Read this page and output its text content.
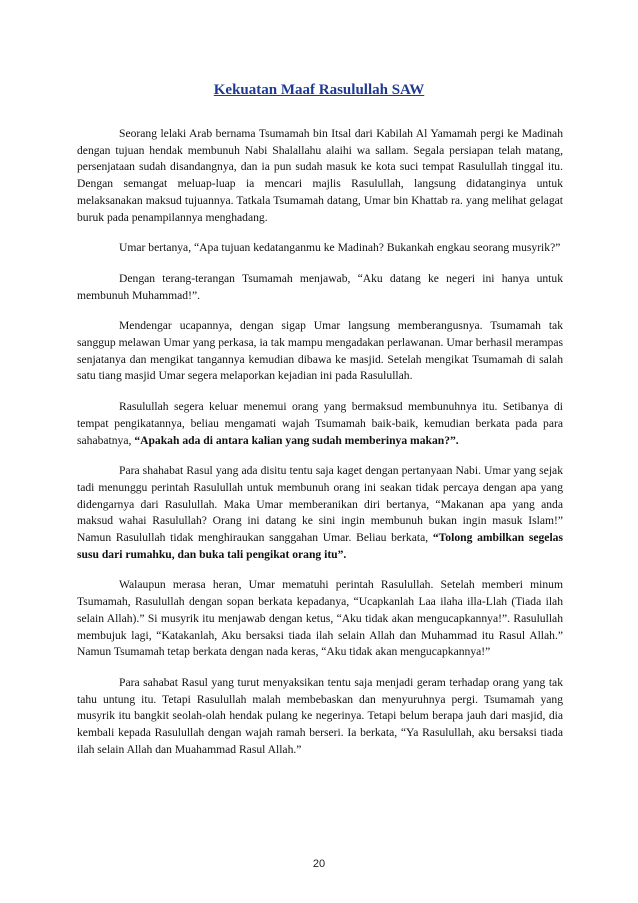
Kekuatan Maaf Rasulullah SAW

Seorang lelaki Arab bernama Tsumamah bin Itsal dari Kabilah Al Yamamah pergi ke Madinah dengan tujuan hendak membunuh Nabi Shalallahu alaihi wa sallam. Segala persiapan telah matang, persenjataan sudah disandangnya, dan ia pun sudah masuk ke kota suci tempat Rasulullah tinggal itu. Dengan semangat meluap-luap ia mencari majlis Rasulullah, langsung didatanginya untuk melaksanakan maksud tujuannya. Tatkala Tsumamah datang, Umar bin Khattab ra. yang melihat gelagat buruk pada penampilannya menghadang.

Umar bertanya, “Apa tujuan kedatanganmu ke Madinah? Bukankah engkau seorang musyrik?”

Dengan terang-terangan Tsumamah menjawab, “Aku datang ke negeri ini hanya untuk membunuh Muhammad!”.

Mendengar ucapannya, dengan sigap Umar langsung memberangusnya. Tsumamah tak sanggup melawan Umar yang perkasa, ia tak mampu mengadakan perlawanan. Umar berhasil merampas senjatanya dan mengikat tangannya kemudian dibawa ke masjid. Setelah mengikat Tsumamah di salah satu tiang masjid Umar segera melaporkan kejadian ini pada Rasulullah.

Rasulullah segera keluar menemui orang yang bermaksud membunuhnya itu. Setibanya di tempat pengikatannya, beliau mengamati wajah Tsumamah baik-baik, kemudian berkata pada para sahabatnya, “Apakah ada di antara kalian yang sudah memberinya makan?”.

Para shahabat Rasul yang ada disitu tentu saja kaget dengan pertanyaan Nabi. Umar yang sejak tadi menunggu perintah Rasulullah untuk membunuh orang ini seakan tidak percaya dengan apa yang didengarnya dari Rasulullah. Maka Umar memberanikan diri bertanya, “Makanan apa yang anda maksud wahai Rasulullah? Orang ini datang ke sini ingin membunuh bukan ingin masuk Islam!” Namun Rasulullah tidak menghiraukan sanggahan Umar. Beliau berkata, “Tolong ambilkan segelas susu dari rumahku, dan buka tali pengikat orang itu”.

Walaupun merasa heran, Umar mematuhi perintah Rasulullah. Setelah memberi minum Tsumamah, Rasulullah dengan sopan berkata kepadanya, “Ucapkanlah Laa ilaha illa-Llah (Tiada ilah selain Allah).” Si musyrik itu menjawab dengan ketus, “Aku tidak akan mengucapkannya!”. Rasulullah membujuk lagi, “Katakanlah, Aku bersaksi tiada ilah selain Allah dan Muhammad itu Rasul Allah.” Namun Tsumamah tetap berkata dengan nada keras, “Aku tidak akan mengucapkannya!”

Para sahabat Rasul yang turut menyaksikan tentu saja menjadi geram terhadap orang yang tak tahu untung itu. Tetapi Rasulullah malah membebaskan dan menyuruhnya pergi. Tsumamah yang musyrik itu bangkit seolah-olah hendak pulang ke negerinya. Tetapi belum berapa jauh dari masjid, dia kembali kepada Rasulullah dengan wajah ramah berseri. Ia berkata, “Ya Rasulullah, aku bersaksi tiada ilah selain Allah dan Muahammad Rasul Allah.”

20
